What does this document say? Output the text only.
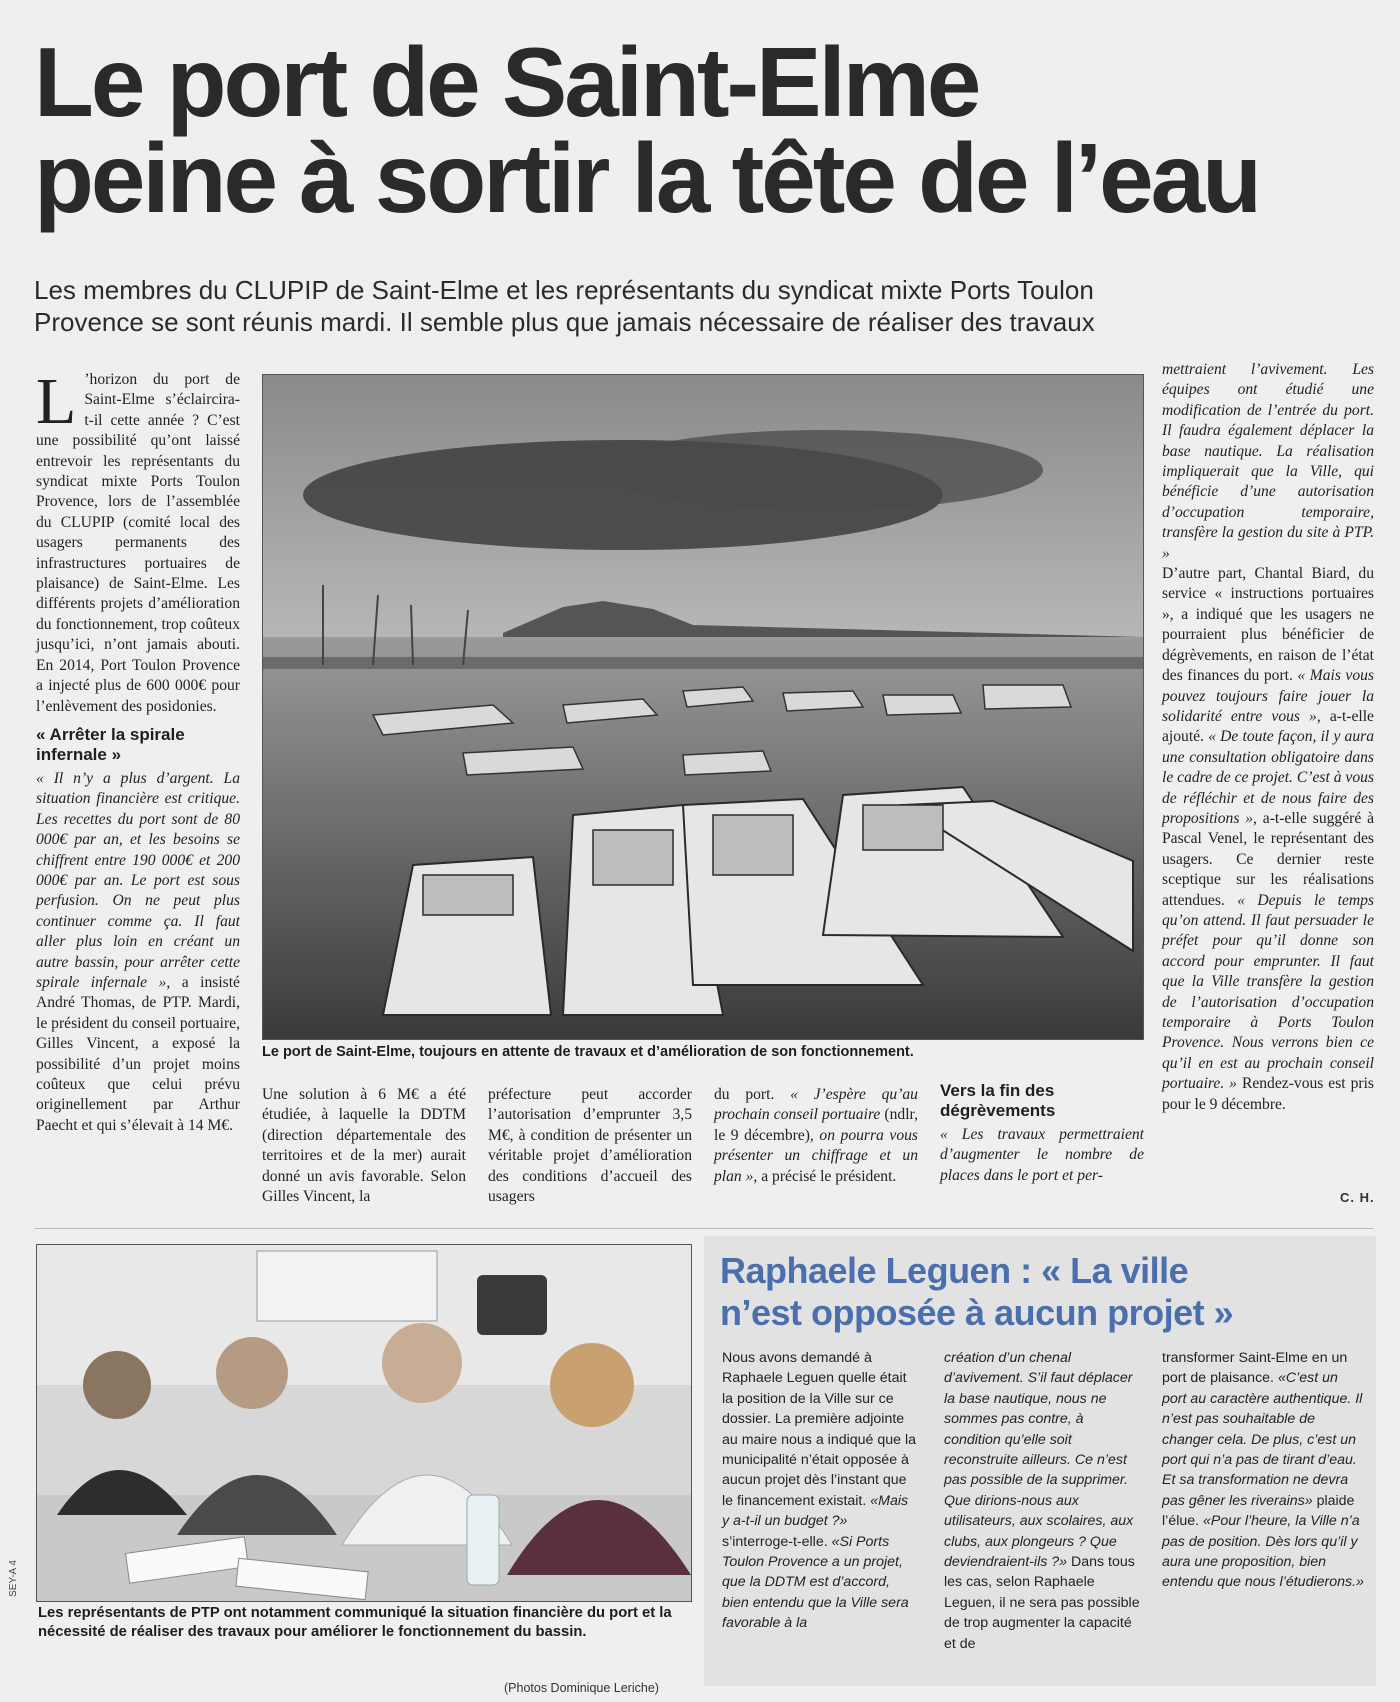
Le port de Saint-Elme
peine à sortir la tête de l’eau
Les membres du CLUPIP de Saint-Elme et les représentants du syndicat mixte Ports Toulon
Provence se sont réunis mardi. Il semble plus que jamais nécessaire de réaliser des travaux

L ’horizon du port de Saint-Elme s’éclaircira-t-il cette année ? C’est une possibilité qu’ont laissé entrevoir les représentants du syndicat mixte Ports Toulon Provence, lors de l’assemblée du CLUPIP (comité local des usagers permanents des infrastructures portuaires de plaisance) de Saint-Elme. Les différents projets d’amélioration du fonctionnement, trop coûteux jusqu’ici, n’ont jamais abouti. En 2014, Port Toulon Provence a injecté plus de 600 000€ pour l’enlèvement des posidonies.

« Arrêter la spirale infernale »

« Il n’y a plus d’argent. La situation financière est critique. Les recettes du port sont de 80 000€ par an, et les besoins se chiffrent entre 190 000€ et 200 000€ par an. Le port est sous perfusion. On ne peut plus continuer comme ça. Il faut aller plus loin en créant un autre bassin, pour arrêter cette spirale infernale », a insisté André Thomas, de PTP. Mardi, le président du conseil portuaire, Gilles Vincent, a exposé la possibilité d’un projet moins coûteux que celui prévu originellement par Arthur Paecht et qui s’élevait à 14 M€.

Le port de Saint-Elme, toujours en attente de travaux et d’amélioration de son fonctionnement.

Une solution à 6 M€ a été étudiée, à laquelle la DDTM (direction départementale des territoires et de la mer) aurait donné un avis favorable. Selon Gilles Vincent, la

préfecture peut accorder l’autorisation d’emprunter 3,5 M€, à condition de présenter un véritable projet d’amélioration des conditions d’accueil des usagers

du port. « J’espère qu’au prochain conseil portuaire (ndlr, le 9 décembre), on pourra vous présenter un chiffrage et un plan », a précisé le président.

Vers la fin des dégrèvements

« Les travaux permettraient d’augmenter le nombre de places dans le port et per-

mettraient l’avivement. Les équipes ont étudié une modification de l’entrée du port. Il faudra également déplacer la base nautique. La réalisation impliquerait que la Ville, qui bénéficie d’une autorisation d’occupation temporaire, transfère la gestion du site à PTP. »

D’autre part, Chantal Biard, du service « instructions portuaires », a indiqué que les usagers ne pourraient plus bénéficier de dégrèvements, en raison de l’état des finances du port. « Mais vous pouvez toujours faire jouer la solidarité entre vous », a-t-elle ajouté. « De toute façon, il y aura une consultation obligatoire dans le cadre de ce projet. C’est à vous de réfléchir et de nous faire des propositions », a-t-elle suggéré à Pascal Venel, le représentant des usagers. Ce dernier reste sceptique sur les réalisations attendues. « Depuis le temps qu’on attend. Il faut persuader le préfet pour qu’il donne son accord pour emprunter. Il faut que la Ville transfère la gestion de l’autorisation d’occupation temporaire à Ports Toulon Provence. Nous verrons bien ce qu’il en est au prochain conseil portuaire. » Rendez-vous est pris pour le 9 décembre.

C. H.
Les représentants de PTP ont notamment communiqué la situation financière du port et la nécessité de réaliser des travaux pour améliorer le fonctionnement du bassin.
(Photos Dominique Leriche)
SEY-A 4
Raphaele Leguen : « La ville
n’est opposée à aucun projet »

Nous avons demandé à Raphaele Leguen quelle était la position de la Ville sur ce dossier. La première adjointe au maire nous a indiqué que la municipalité n’était opposée à aucun projet dès l’instant que le financement existait. «Mais y a-t-il un budget ?» s’interroge-t-elle. «Si Ports Toulon Provence a un projet, que la DDTM est d’accord, bien entendu que la Ville sera favorable à la

création d’un chenal d’avivement. S’il faut déplacer la base nautique, nous ne sommes pas contre, à condition qu’elle soit reconstruite ailleurs. Ce n’est pas possible de la supprimer. Que dirions-nous aux utilisateurs, aux scolaires, aux clubs, aux plongeurs ? Que deviendraient-ils ?» Dans tous les cas, selon Raphaele Leguen, il ne sera pas possible de trop augmenter la capacité et de

transformer Saint-Elme en un port de plaisance. «C’est un port au caractère authentique. Il n’est pas souhaitable de changer cela. De plus, c’est un port qui n’a pas de tirant d’eau. Et sa transformation ne devra pas gêner les riverains» plaide l’élue. «Pour l’heure, la Ville n’a pas de position. Dès lors qu’il y aura une proposition, bien entendu que nous l’étudierons.»
